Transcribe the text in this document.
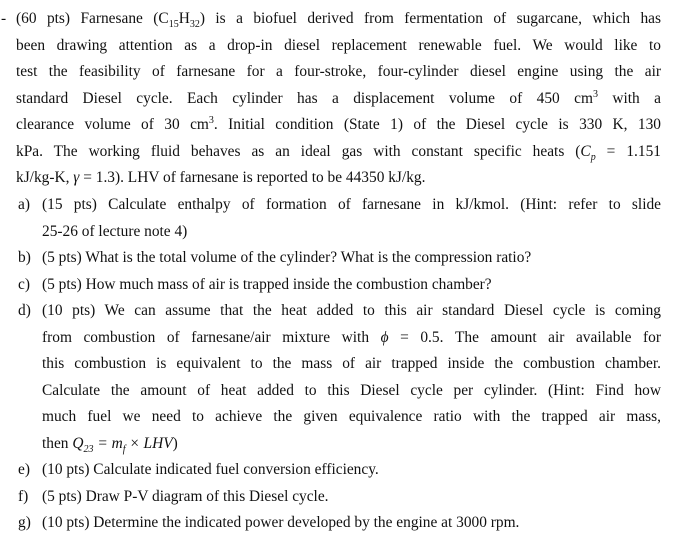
- (60 pts) Farnesane $(C_{15}H_{32})$ is a biofuel derived from fermentation of sugarcane, which has
been drawing attention as a drop-in diesel replacement renewable fuel. We would like to
test the feasibility of farnesane for a four-stroke, four-cylinder diesel engine using the air
standard Diesel cycle. Each cylinder has a displacement volume of 450 $cm^3$ with a
clearance volume of 30 $cm^3$. Initial condition (State 1) of the Diesel cycle is 330 K, 130
kPa. The working fluid behaves as an ideal gas with constant specific heats ($C_p = 1.151$
kJ/kg-K, γ = 1.3). LHV of farnesane is reported to be 44350 kJ/kg.
a) (15 pts) Calculate enthalpy of formation of farnesane in kJ/kmol. (Hint: refer to slide
25-26 of lecture note 4)
b) (5 pts) What is the total volume of the cylinder? What is the compression ratio?
c) (5 pts) How much mass of air is trapped inside the combustion chamber?
d) (10 pts) We can assume that the heat added to this air standard Diesel cycle is coming
from combustion of farnesane/air mixture with ϕ = 0.5. The amount air available for
this combustion is equivalent to the mass of air trapped inside the combustion chamber.
Calculate the amount of heat added to this Diesel cycle per cylinder. (Hint: Find how
much fuel we need to achieve the given equivalence ratio with the trapped air mass,
then $Q_{23} = m_f \times LHV$)
e) (10 pts) Calculate indicated fuel conversion efficiency.
f) (5 pts) Draw P-V diagram of this Diesel cycle.
g) (10 pts) Determine the indicated power developed by the engine at 3000 rpm.
